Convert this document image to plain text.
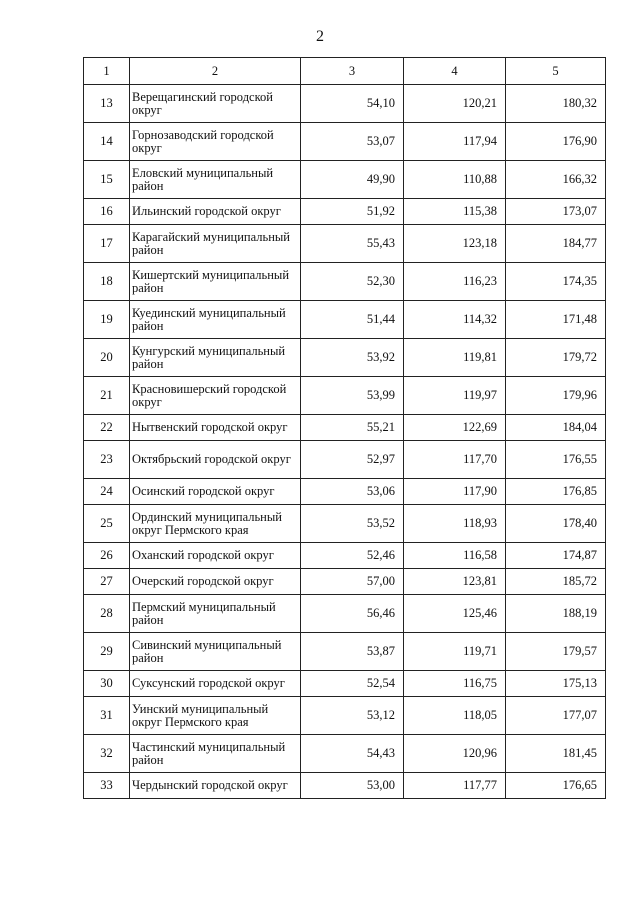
2
1	2	3	4	5
13	Верещагинский городской округ	54,10	120,21	180,32
14	Горнозаводский городской округ	53,07	117,94	176,90
15	Еловский муниципальный район	49,90	110,88	166,32
16	Ильинский городской округ	51,92	115,38	173,07
17	Карагайский муниципальный район	55,43	123,18	184,77
18	Кишертский муниципальный район	52,30	116,23	174,35
19	Куединский муниципальный район	51,44	114,32	171,48
20	Кунгурский муниципальный район	53,92	119,81	179,72
21	Красновишерский городской округ	53,99	119,97	179,96
22	Нытвенский городской округ	55,21	122,69	184,04
23	Октябрьский городской округ	52,97	117,70	176,55
24	Осинский городской округ	53,06	117,90	176,85
25	Ординский муниципальный округ Пермского края	53,52	118,93	178,40
26	Оханский городской округ	52,46	116,58	174,87
27	Очерский городской округ	57,00	123,81	185,72
28	Пермский муниципальный район	56,46	125,46	188,19
29	Сивинский муниципальный район	53,87	119,71	179,57
30	Суксунский городской округ	52,54	116,75	175,13
31	Уинский муниципальный округ Пермского края	53,12	118,05	177,07
32	Частинский муниципальный район	54,43	120,96	181,45
33	Чердынский городской округ	53,00	117,77	176,65
